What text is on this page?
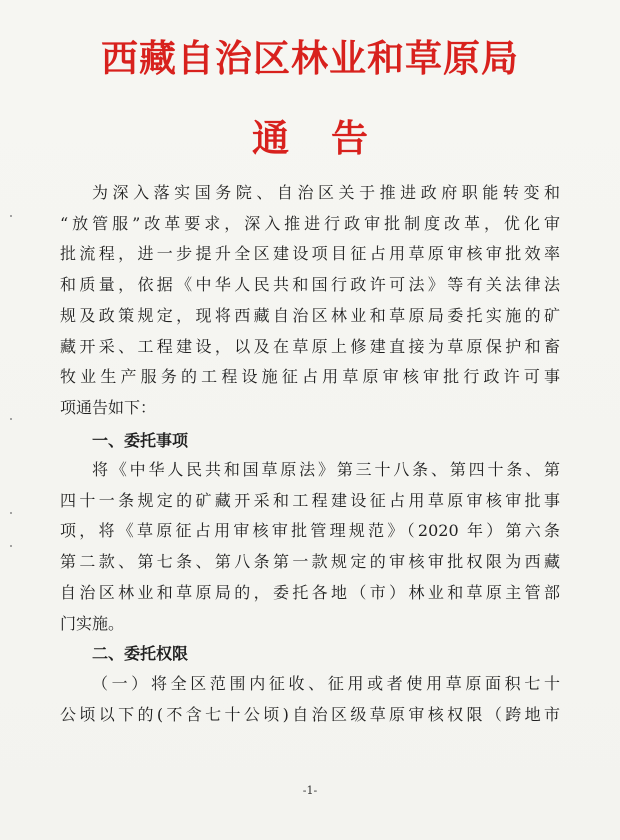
西藏自治区林业和草原局
通告
为深入落实国务院、自治区关于推进政府职能转变和
“放管服”改革要求，深入推进行政审批制度改革，优化审
批流程，进一步提升全区建设项目征占用草原审核审批效率
和质量，依据《中华人民共和国行政许可法》等有关法律法
规及政策规定，现将西藏自治区林业和草原局委托实施的矿
藏开采、工程建设，以及在草原上修建直接为草原保护和畜
牧业生产服务的工程设施征占用草原审核审批行政许可事
项通告如下：
一、委托事项
将《中华人民共和国草原法》第三十八条、第四十条、第
四十一条规定的矿藏开采和工程建设征占用草原审核审批事
项，将《草原征占用审核审批管理规范》（2020 年）第六条
第二款、第七条、第八条第一款规定的审核审批权限为西藏
自治区林业和草原局的，委托各地（市）林业和草原主管部
门实施。
二、委托权限
（一）将全区范围内征收、征用或者使用草原面积七十
公顷以下的(不含七十公顷)自治区级草原审核权限（跨地市
-1-
